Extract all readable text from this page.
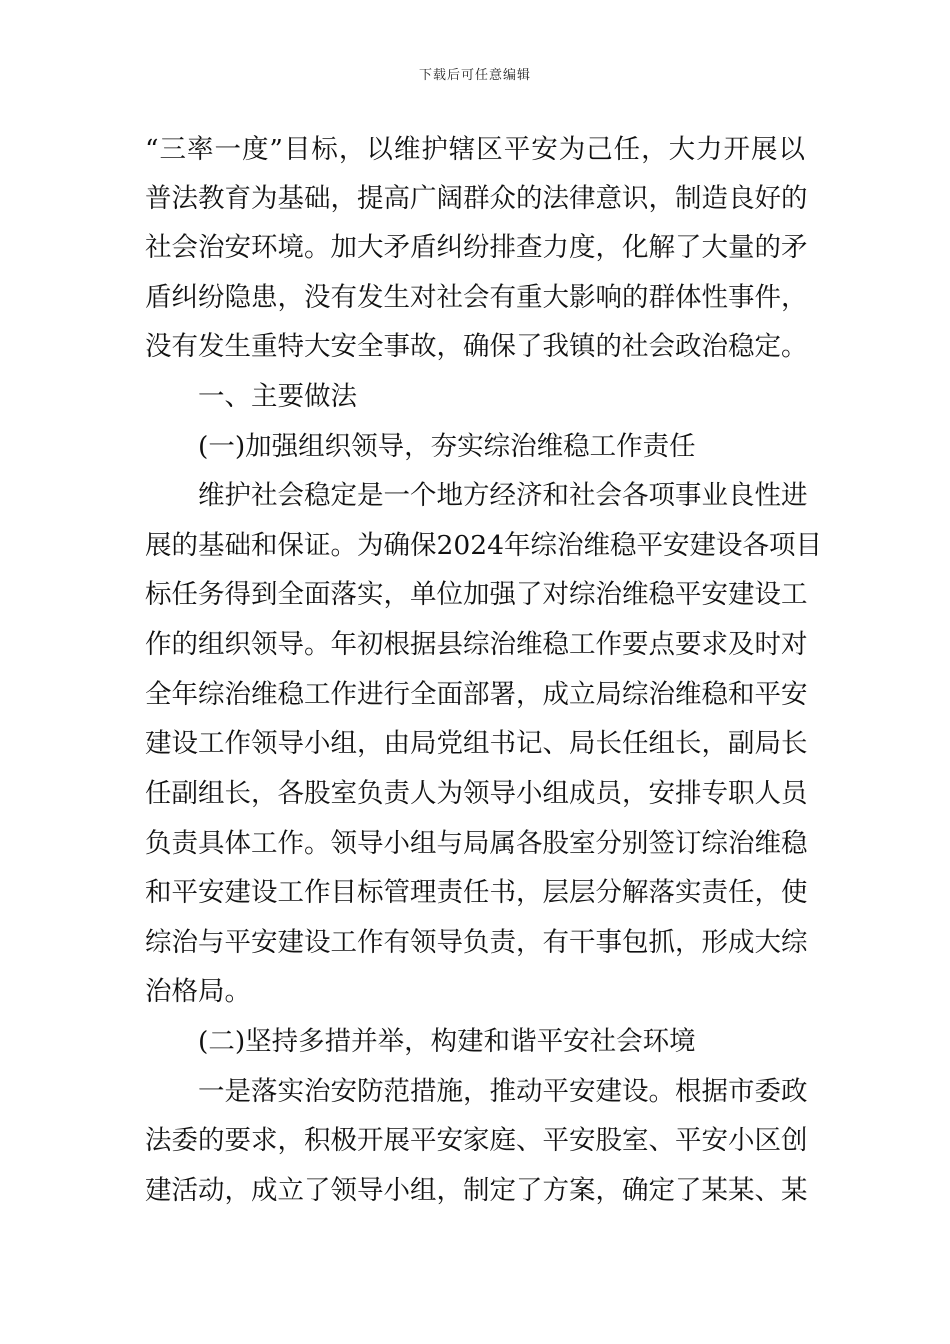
下载后可任意编辑
“三率一度”目标，以维护辖区平安为己任，大力开展以
普法教育为基础，提高广阔群众的法律意识，制造良好的
社会治安环境。加大矛盾纠纷排查力度，化解了大量的矛
盾纠纷隐患，没有发生对社会有重大影响的群体性事件，
没有发生重特大安全事故，确保了我镇的社会政治稳定。
一、主要做法
(一)加强组织领导，夯实综治维稳工作责任
维护社会稳定是一个地方经济和社会各项事业良性进
展的基础和保证。为确保2024年综治维稳平安建设各项目
标任务得到全面落实，单位加强了对综治维稳平安建设工
作的组织领导。年初根据县综治维稳工作要点要求及时对
全年综治维稳工作进行全面部署，成立局综治维稳和平安
建设工作领导小组，由局党组书记、局长任组长，副局长
任副组长，各股室负责人为领导小组成员，安排专职人员
负责具体工作。领导小组与局属各股室分别签订综治维稳
和平安建设工作目标管理责任书，层层分解落实责任，使
综治与平安建设工作有领导负责，有干事包抓，形成大综
治格局。
(二)坚持多措并举，构建和谐平安社会环境
一是落实治安防范措施，推动平安建设。根据市委政
法委的要求，积极开展平安家庭、平安股室、平安小区创
建活动，成立了领导小组，制定了方案，确定了某某、某
